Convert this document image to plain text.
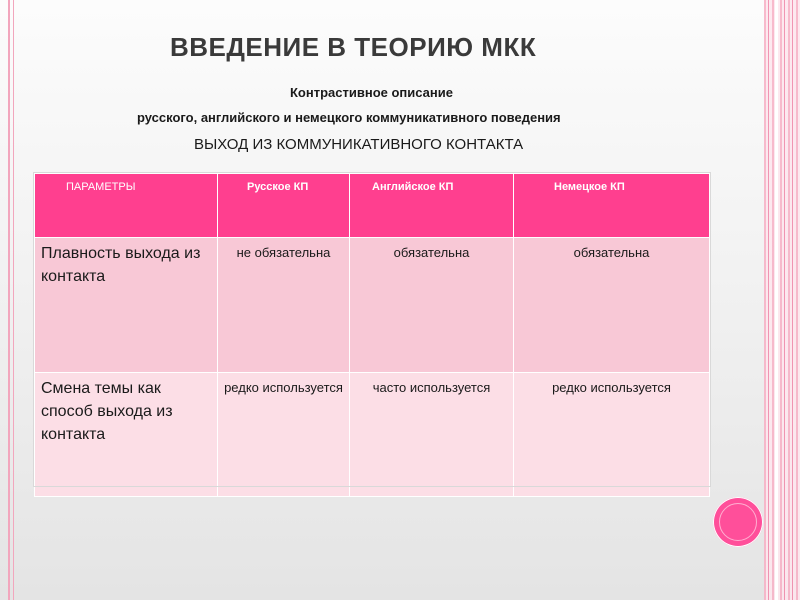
ВВЕДЕНИЕ В ТЕОРИЮ МКК
Контрастивное описание
русского, английского и немецкого коммуникативного поведения
ВЫХОД ИЗ КОММУНИКАТИВНОГО КОНТАКТА
ПАРАМЕТРЫ	Русское КП	Английское КП	Немецкое КП

Плавность выхода из контакта	не обязательна	обязательна	обязательна
Смена темы как способ выхода из контакта	редко используется	часто используется	редко используется
